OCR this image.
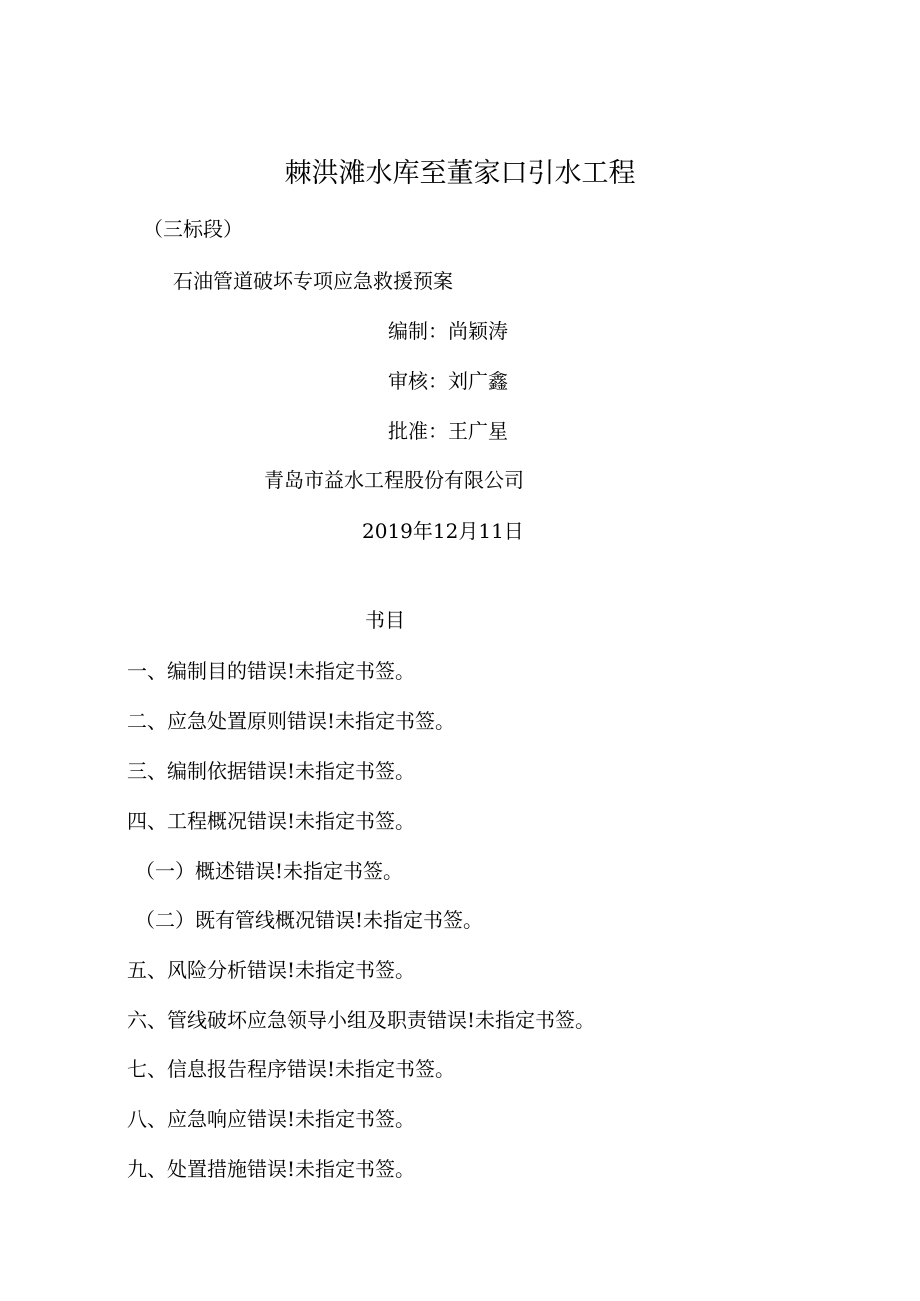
棘洪滩水库至董家口引水工程
（三标段）
石油管道破坏专项应急救援预案
编制：尚颖涛
审核：刘广鑫
批准：王广星
青岛市益水工程股份有限公司
2019年12月11日
书目
一、编制目的错误!未指定书签。
二、应急处置原则错误!未指定书签。
三、编制依据错误!未指定书签。
四、工程概况错误!未指定书签。
（一）概述错误!未指定书签。
（二）既有管线概况错误!未指定书签。
五、风险分析错误!未指定书签。
六、管线破坏应急领导小组及职责错误!未指定书签。
七、信息报告程序错误!未指定书签。
八、应急响应错误!未指定书签。
九、处置措施错误!未指定书签。
